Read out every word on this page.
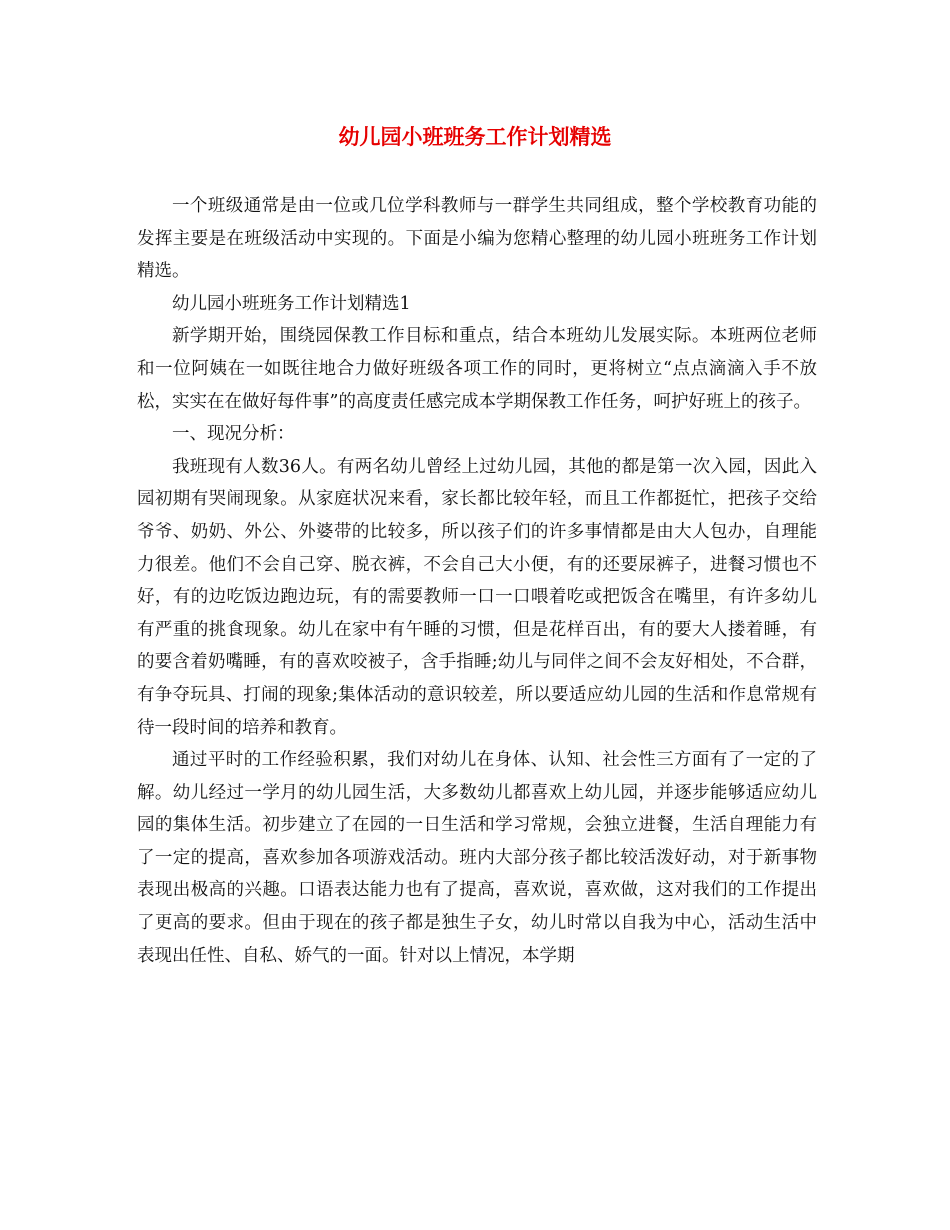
幼儿园小班班务工作计划精选

一个班级通常是由一位或几位学科教师与一群学生共同组成，整个学校教育功能的发挥主要是在班级活动中实现的。下面是小编为您精心整理的幼儿园小班班务工作计划精选。

幼儿园小班班务工作计划精选1

新学期开始，围绕园保教工作目标和重点，结合本班幼儿发展实际。本班两位老师和一位阿姨在一如既往地合力做好班级各项工作的同时，更将树立“点点滴滴入手不放松，实实在在做好每件事”的高度责任感完成本学期保教工作任务，呵护好班上的孩子。

一、现况分析：

我班现有人数36人。有两名幼儿曾经上过幼儿园，其他的都是第一次入园，因此入园初期有哭闹现象。从家庭状况来看，家长都比较年轻，而且工作都挺忙，把孩子交给爷爷、奶奶、外公、外婆带的比较多，所以孩子们的许多事情都是由大人包办，自理能力很差。他们不会自己穿、脱衣裤，不会自己大小便，有的还要尿裤子，进餐习惯也不好，有的边吃饭边跑边玩，有的需要教师一口一口喂着吃或把饭含在嘴里，有许多幼儿有严重的挑食现象。幼儿在家中有午睡的习惯，但是花样百出，有的要大人搂着睡，有的要含着奶嘴睡，有的喜欢咬被子，含手指睡;幼儿与同伴之间不会友好相处，不合群，有争夺玩具、打闹的现象;集体活动的意识较差，所以要适应幼儿园的生活和作息常规有待一段时间的培养和教育。

通过平时的工作经验积累，我们对幼儿在身体、认知、社会性三方面有了一定的了解。幼儿经过一学月的幼儿园生活，大多数幼儿都喜欢上幼儿园，并逐步能够适应幼儿园的集体生活。初步建立了在园的一日生活和学习常规，会独立进餐，生活自理能力有了一定的提高，喜欢参加各项游戏活动。班内大部分孩子都比较活泼好动，对于新事物表现出极高的兴趣。口语表达能力也有了提高，喜欢说，喜欢做，这对我们的工作提出了更高的要求。但由于现在的孩子都是独生子女，幼儿时常以自我为中心，活动生活中表现出任性、自私、娇气的一面。针对以上情况，本学期
